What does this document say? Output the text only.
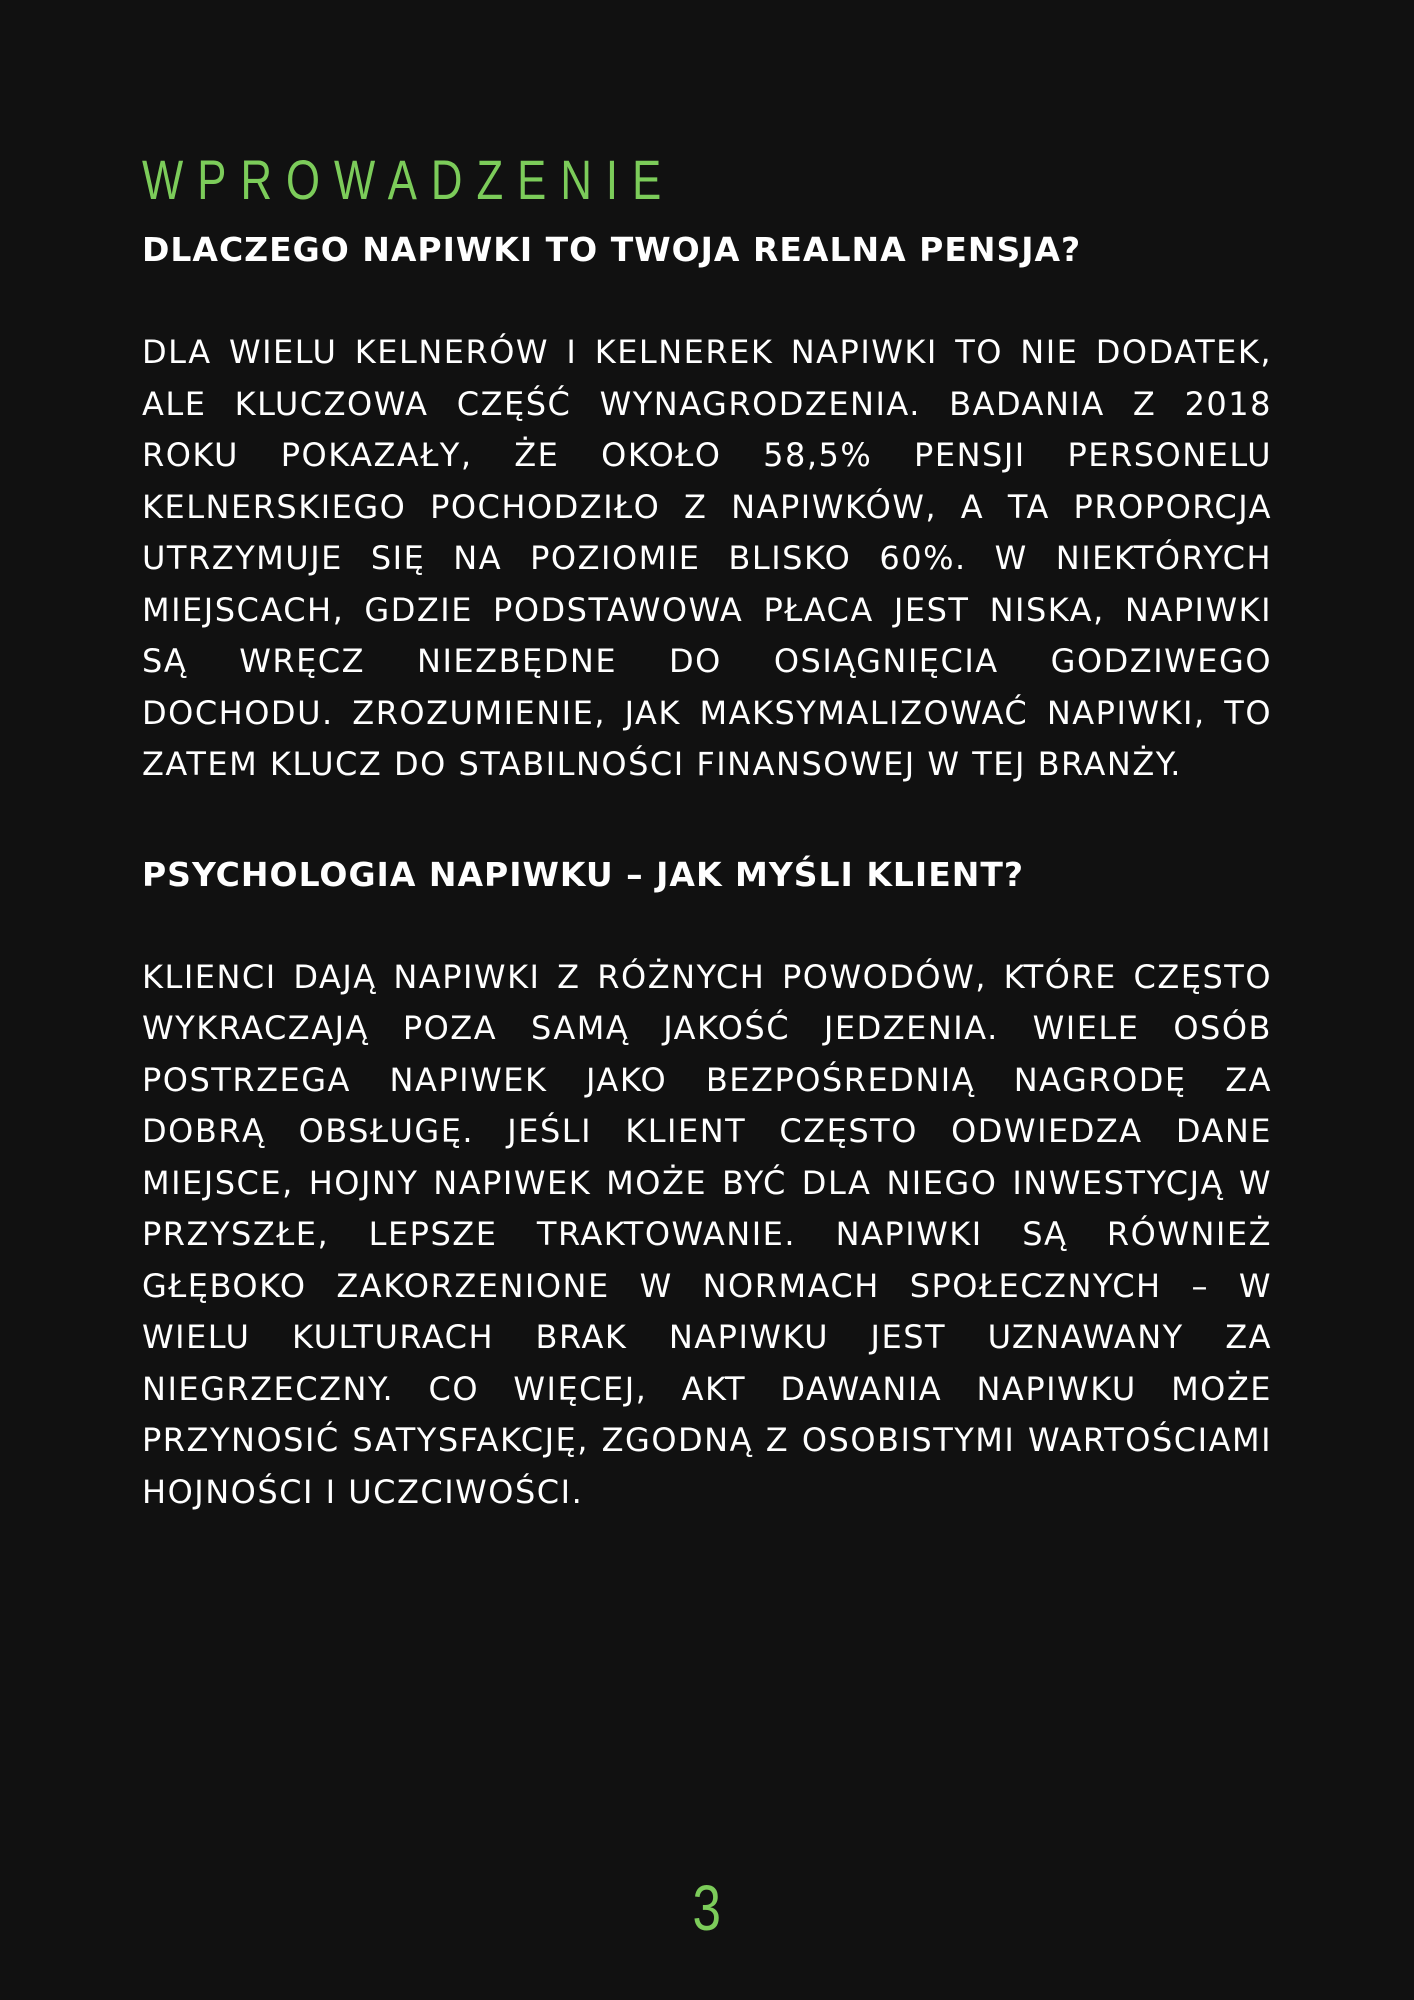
WPROWADZENIE
DLACZEGO NAPIWKI TO TWOJA REALNA PENSJA?

DLA WIELU KELNERÓW I KELNEREK NAPIWKI TO NIE DODATEK, ALE KLUCZOWA CZĘŚĆ WYNAGRODZENIA. BADANIA Z 2018 ROKU POKAZAŁY, ŻE OKOŁO 58,5% PENSJI PERSONELU KELNERSKIEGO POCHODZIŁO Z NAPIWKÓW, A TA PROPORCJA UTRZYMUJE SIĘ NA POZIOMIE BLISKO 60%. W NIEKTÓRYCH MIEJSCACH, GDZIE PODSTAWOWA PŁACA JEST NISKA, NAPIWKI SĄ WRĘCZ NIEZBĘDNE DO OSIĄGNIĘCIA GODZIWEGO DOCHODU. ZROZUMIENIE, JAK MAKSYMALIZOWAĆ NAPIWKI, TO ZATEM KLUCZ DO STABILNOŚCI FINANSOWEJ W TEJ BRANŻY.

PSYCHOLOGIA NAPIWKU – JAK MYŚLI KLIENT?

KLIENCI DAJĄ NAPIWKI Z RÓŻNYCH POWODÓW, KTÓRE CZĘSTO WYKRACZAJĄ POZA SAMĄ JAKOŚĆ JEDZENIA. WIELE OSÓB POSTRZEGA NAPIWEK JAKO BEZPOŚREDNIĄ NAGRODĘ ZA DOBRĄ OBSŁUGĘ. JEŚLI KLIENT CZĘSTO ODWIEDZA DANE MIEJSCE, HOJNY NAPIWEK MOŻE BYĆ DLA NIEGO INWESTYCJĄ W PRZYSZŁE, LEPSZE TRAKTOWANIE. NAPIWKI SĄ RÓWNIEŻ GŁĘBOKO ZAKORZENIONE W NORMACH SPOŁECZNYCH – W WIELU KULTURACH BRAK NAPIWKU JEST UZNAWANY ZA NIEGRZECZNY. CO WIĘCEJ, AKT DAWANIA NAPIWKU MOŻE PRZYNOSIĆ SATYSFAKCJĘ, ZGODNĄ Z OSOBISTYMI WARTOŚCIAMI HOJNOŚCI I UCZCIWOŚCI.

3
